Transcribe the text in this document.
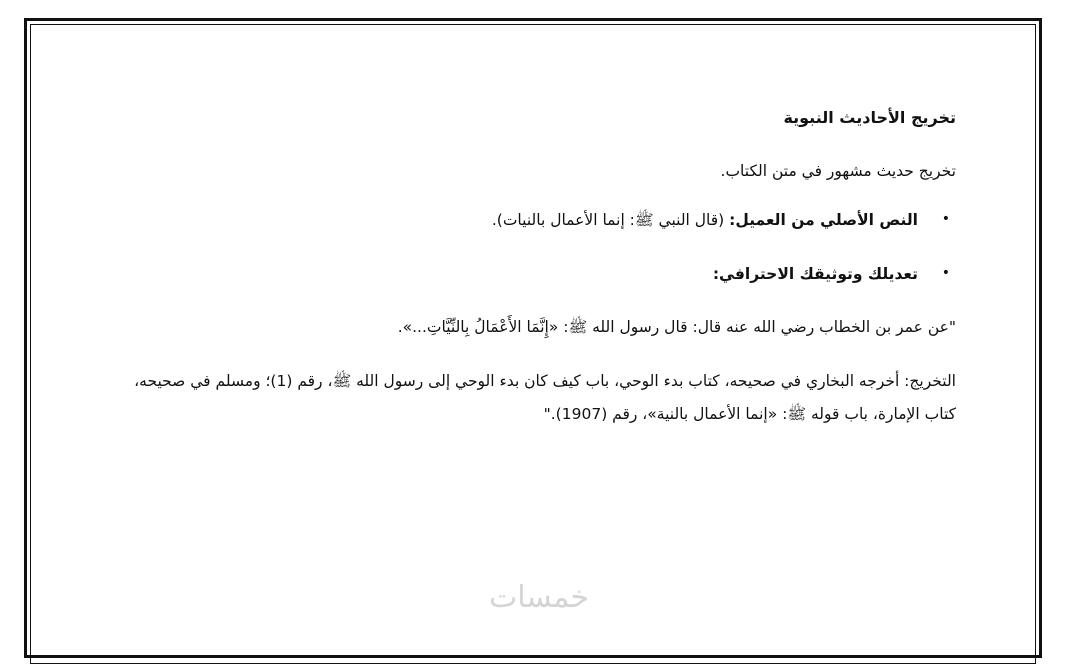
تخريج الأحاديث النبوية

تخريج حديث مشهور في متن الكتاب.

•
النص الأصلي من العميل: (قال النبي ﷺ: إنما الأعمال بالنيات).
•
تعديلك وتوثيقك الاحترافي:

"عن عمر بن الخطاب رضي الله عنه قال: قال رسول الله ﷺ: «إِنَّمَا الأَعْمَالُ بِالنِّيَّاتِ...».

التخريج: أخرجه البخاري في صحيحه، كتاب بدء الوحي، باب كيف كان بدء الوحي إلى رسول الله ﷺ، رقم (1)؛ ومسلم في صحيحه، كتاب الإمارة، باب قوله ﷺ: «إنما الأعمال بالنية»، رقم (1907)."

خمسات
